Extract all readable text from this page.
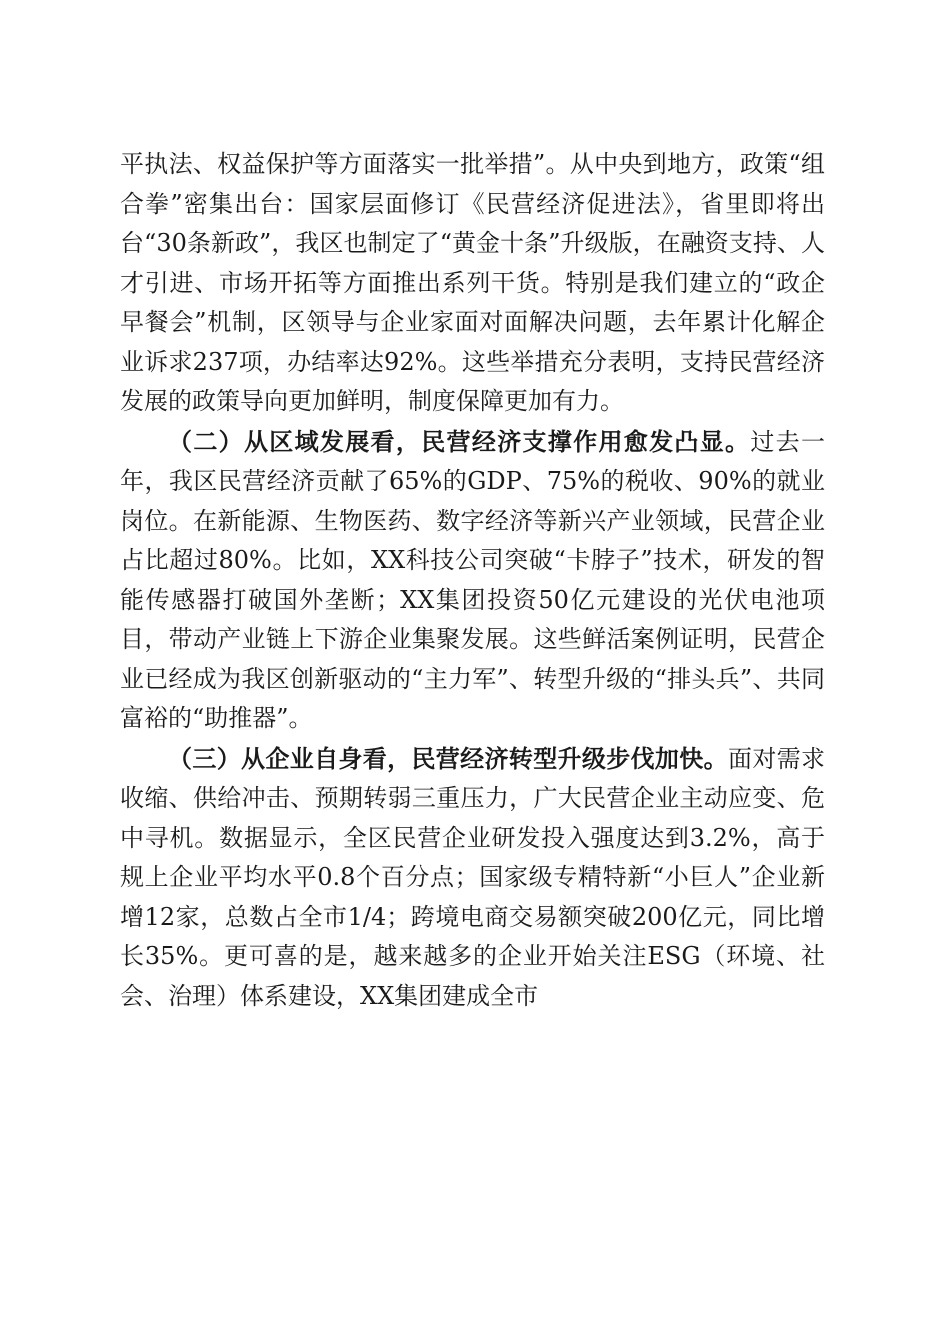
平执法、权益保护等方面落实一批举措”。从中央到地方，政策“组合拳”密集出台：国家层面修订《民营经济促进法》，省里即将出台“30条新政”，我区也制定了“黄金十条”升级版，在融资支持、人才引进、市场开拓等方面推出系列干货。特别是我们建立的“政企早餐会”机制，区领导与企业家面对面解决问题，去年累计化解企业诉求237项，办结率达92%。这些举措充分表明，支持民营经济发展的政策导向更加鲜明，制度保障更加有力。

（二）从区域发展看，民营经济支撑作用愈发凸显。过去一年，我区民营经济贡献了65%的GDP、75%的税收、90%的就业岗位。在新能源、生物医药、数字经济等新兴产业领域，民营企业占比超过80%。比如，XX科技公司突破“卡脖子”技术，研发的智能传感器打破国外垄断；XX集团投资50亿元建设的光伏电池项目，带动产业链上下游企业集聚发展。这些鲜活案例证明，民营企业已经成为我区创新驱动的“主力军”、转型升级的“排头兵”、共同富裕的“助推器”。

（三）从企业自身看，民营经济转型升级步伐加快。面对需求收缩、供给冲击、预期转弱三重压力，广大民营企业主动应变、危中寻机。数据显示，全区民营企业研发投入强度达到3.2%，高于规上企业平均水平0.8个百分点；国家级专精特新“小巨人”企业新增12家，总数占全市1/4；跨境电商交易额突破200亿元，同比增长35%。更可喜的是，越来越多的企业开始关注ESG（环境、社会、治理）体系建设，XX集团建成全市
